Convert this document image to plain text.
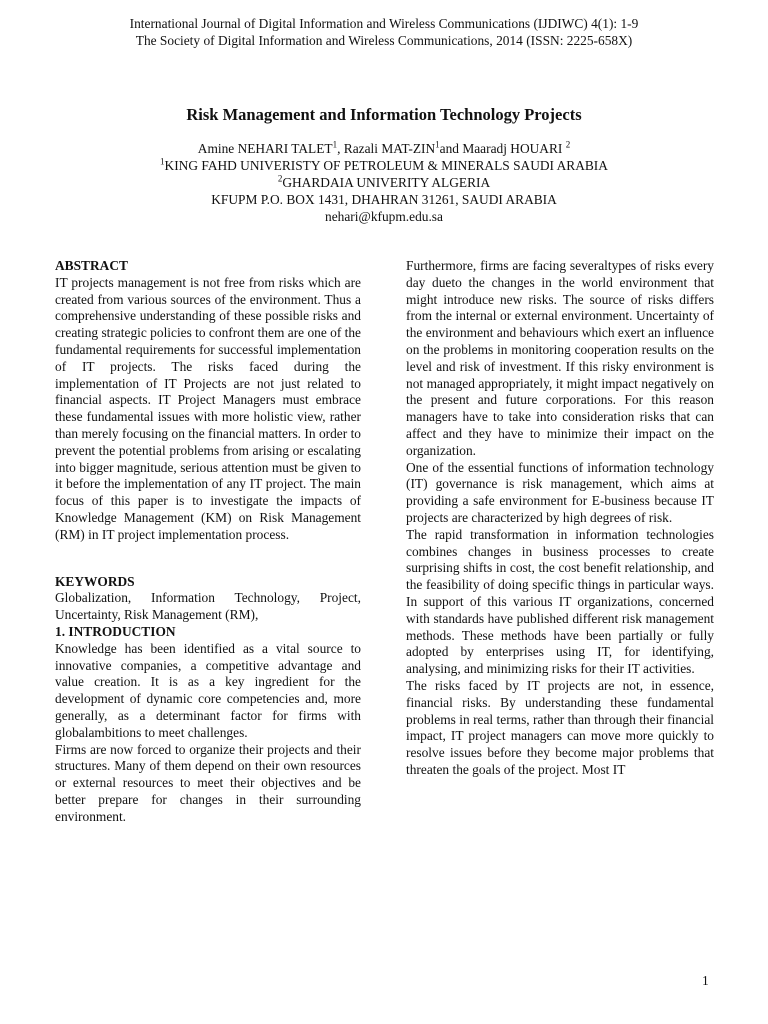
International Journal of Digital Information and Wireless Communications (IJDIWC) 4(1): 1-9
The Society of Digital Information and Wireless Communications, 2014 (ISSN: 2225-658X)
Risk Management and Information Technology Projects
Amine NEHARI TALET$^1$, Razali MAT-ZIN$^1$and Maaradj HOUARI $^2$
$^1$KING FAHD UNIVERISTY OF PETROLEUM & MINERALS SAUDI ARABIA
$^2$GHARDAIA UNIVERITY ALGERIA
KFUPM P.O. BOX 1431, DHAHRAN 31261, SAUDI ARABIA
nehari@kfupm.edu.sa

ABSTRACT

IT projects management is not free from risks which are created from various sources of the environment. Thus a comprehensive understanding of these possible risks and creating strategic policies to confront them are one of the fundamental requirements for successful implementation of IT projects. The risks faced during the implementation of IT Projects are not just related to financial aspects. IT Project Managers must embrace these fundamental issues with more holistic view, rather than merely focusing on the financial matters. In order to prevent the potential problems from arising or escalating into bigger magnitude, serious attention must be given to it before the implementation of any IT project. The main focus of this paper is to investigate the impacts of Knowledge Management (KM) on Risk Management (RM) in IT project implementation process.

KEYWORDS

Globalization, Information Technology, Project, Uncertainty, Risk Management (RM),

1. INTRODUCTION

Knowledge has been identified as a vital source to innovative companies, a competitive advantage and value creation. It is as a key ingredient for the development of dynamic core competencies and, more generally, as a determinant factor for firms with globalambitions to meet challenges.

Firms are now forced to organize their projects and their structures. Many of them depend on their own resources or external resources to meet their objectives and be better prepare for changes in their surrounding environment.

Furthermore, firms are facing severaltypes of risks every day dueto the changes in the world environment that might introduce new risks. The source of risks differs from the internal or external environment. Uncertainty of the environment and behaviours which exert an influence on the problems in monitoring cooperation results on the level and risk of investment. If this risky environment is not managed appropriately, it might impact negatively on the present and future corporations. For this reason managers have to take into consideration risks that can affect and they have to minimize their impact on the organization.

One of the essential functions of information technology (IT) governance is risk management, which aims at providing a safe environment for E-business because IT projects are characterized by high degrees of risk.

The rapid transformation in information technologies combines changes in business processes to create surprising shifts in cost, the cost benefit relationship, and the feasibility of doing specific things in particular ways. In support of this various IT organizations, concerned with standards have published different risk management methods. These methods have been partially or fully adopted by enterprises using IT, for identifying, analysing, and minimizing risks for their IT activities.

The risks faced by IT projects are not, in essence, financial risks. By understanding these fundamental problems in real terms, rather than through their financial impact, IT project managers can move more quickly to resolve issues before they become major problems that threaten the goals of the project. Most IT

1
